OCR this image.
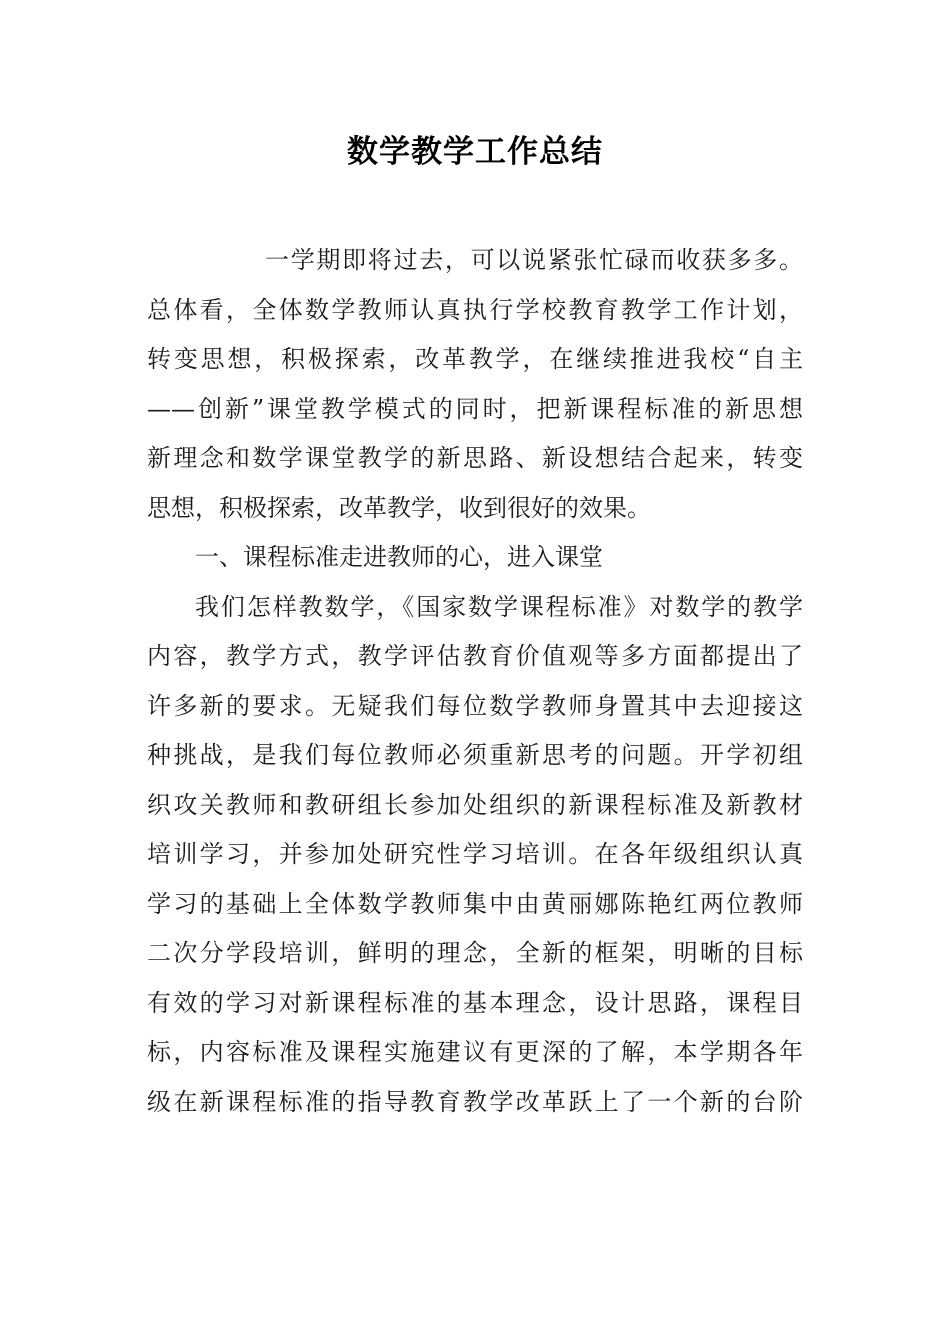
数学教学工作总结
一学期即将过去，可以说紧张忙碌而收获多多。
总体看，全体数学教师认真执行学校教育教学工作计划，
转变思想，积极探索，改革教学，在继续推进我校“自主
——创新”课堂教学模式的同时，把新课程标准的新思想
新理念和数学课堂教学的新思路、新设想结合起来，转变
思想，积极探索，改革教学，收到很好的效果。
一、课程标准走进教师的心，进入课堂
我们怎样教数学，《国家数学课程标准》对数学的教学
内容，教学方式，教学评估教育价值观等多方面都提出了
许多新的要求。无疑我们每位数学教师身置其中去迎接这
种挑战，是我们每位教师必须重新思考的问题。开学初组
织攻关教师和教研组长参加处组织的新课程标准及新教材
培训学习，并参加处研究性学习培训。在各年级组织认真
学习的基础上全体数学教师集中由黄丽娜陈艳红两位教师
二次分学段培训，鲜明的理念，全新的框架，明晰的目标
有效的学习对新课程标准的基本理念，设计思路，课程目
标，内容标准及课程实施建议有更深的了解，本学期各年
级在新课程标准的指导教育教学改革跃上了一个新的台阶
